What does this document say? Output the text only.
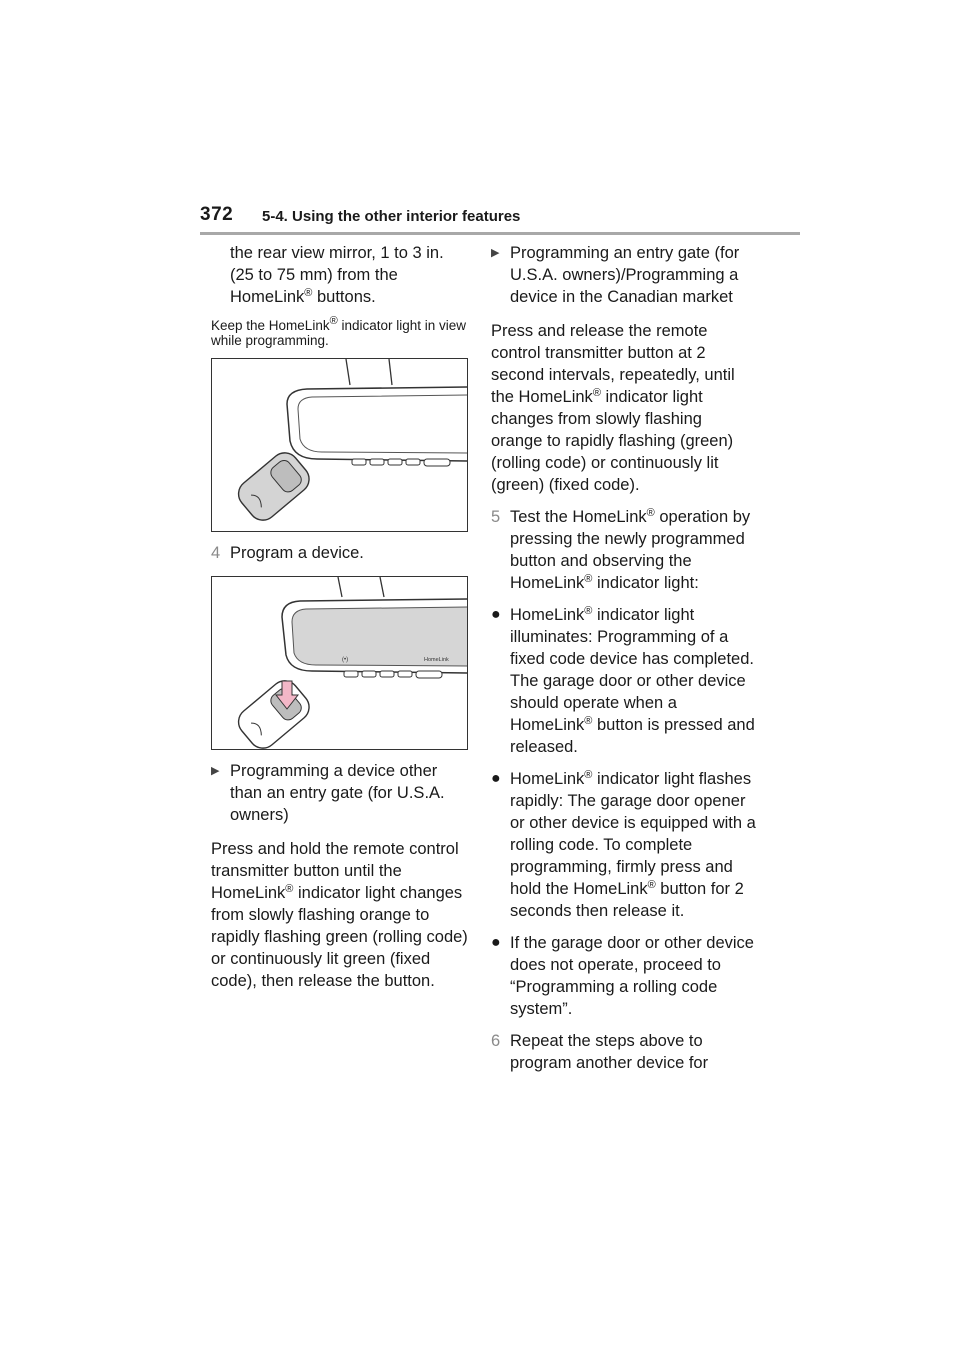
372 5-4. Using the other interior features

the rear view mirror, 1 to 3 in.

(25 to 75 mm) from the

HomeLink® buttons.

Keep the HomeLink® indicator light in view while programming.

4 Program a device.
(•)	HomeLink
▶ Programming a device other than an entry gate (for U.S.A. owners)

Press and hold the remote control transmitter button until the HomeLink® indicator light changes from slowly flashing orange to rapidly flashing green (rolling code) or continuously lit green (fixed code), then release the button.

▶ Programming an entry gate (for U.S.A. owners)/Programming a device in the Canadian market

Press and release the remote control transmitter button at 2 second intervals, repeatedly, until the HomeLink® indicator light changes from slowly flashing orange to rapidly flashing (green) (rolling code) or continuously lit (green) (fixed code).

5 Test the HomeLink® operation by pressing the newly programmed button and observing the HomeLink® indicator light:
● HomeLink® indicator light illuminates: Programming of a fixed code device has completed. The garage door or other device should operate when a HomeLink® button is pressed and released.
● HomeLink® indicator light flashes rapidly: The garage door opener or other device is equipped with a rolling code. To complete programming, firmly press and hold the HomeLink® button for 2 seconds then release it.
● If the garage door or other device does not operate, proceed to “Programming a rolling code system”.
6 Repeat the steps above to program another device for
